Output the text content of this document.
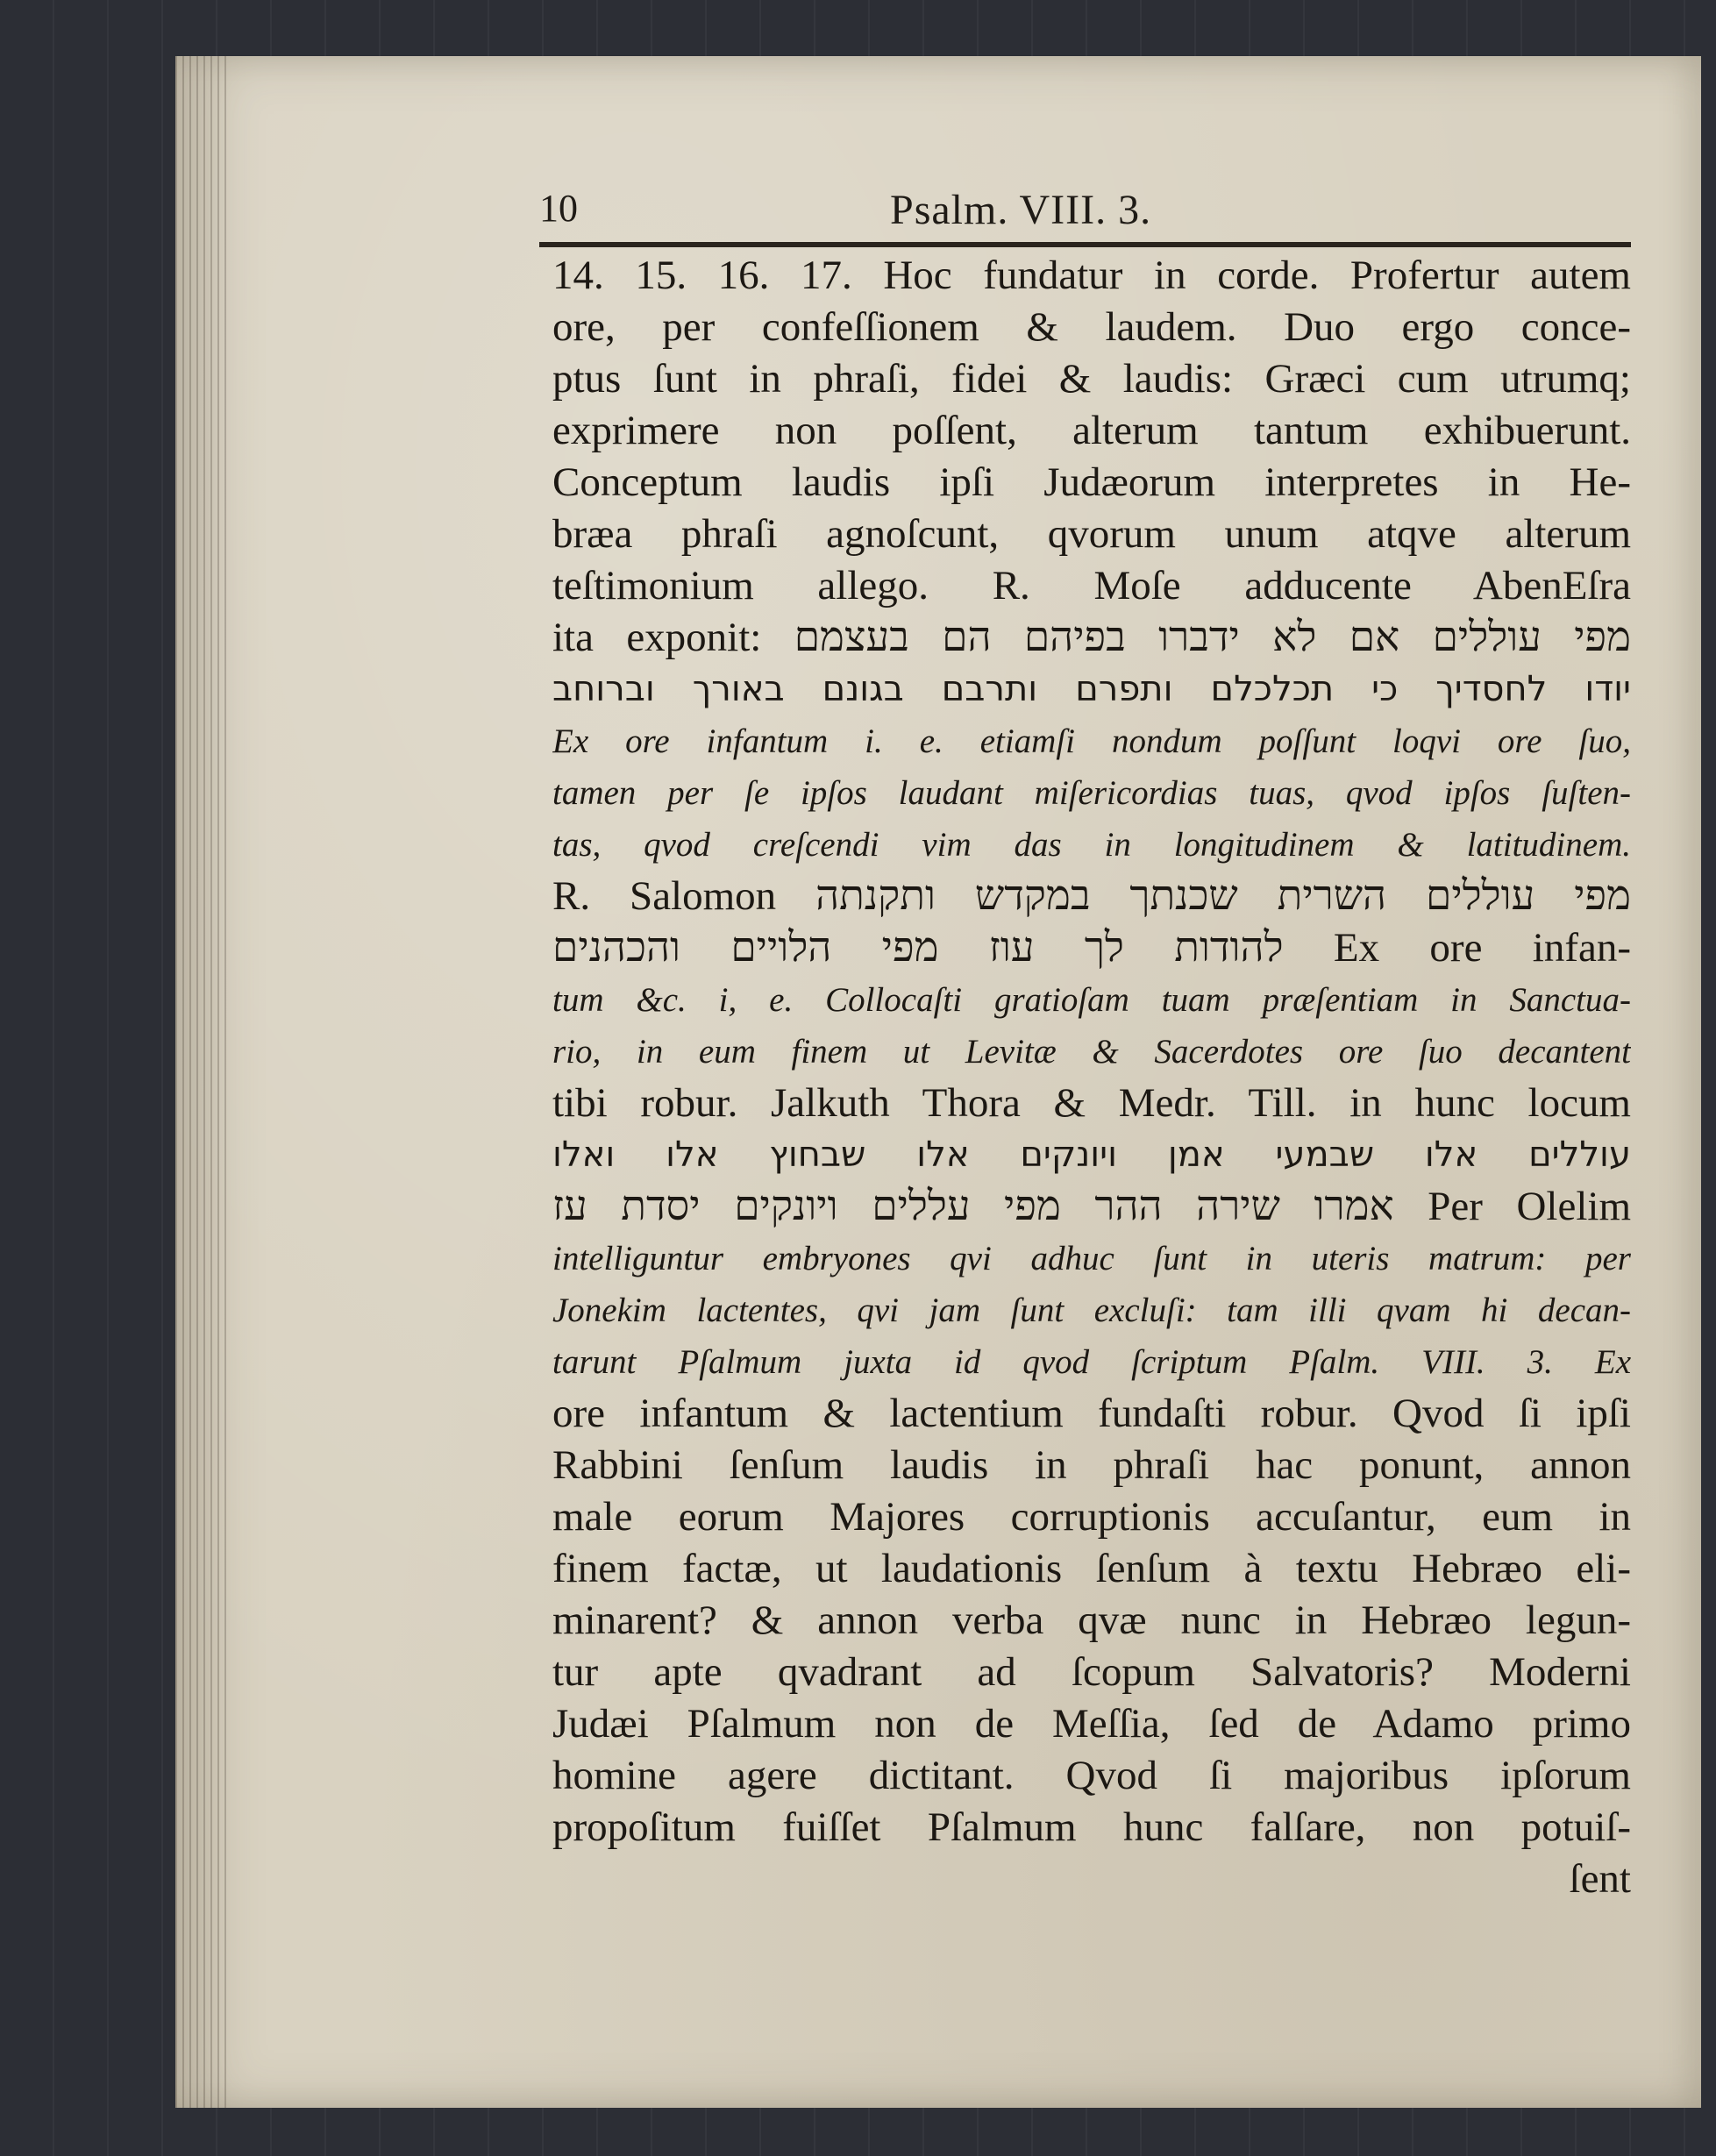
10	Psalm. VIII. 3.
14. 15. 16. 17. Hoc fundatur in corde. Profertur autem
ore, per confeſſionem & laudem. Duo ergo conce-
ptus ſunt in phraſi, fidei & laudis: Græci cum utrumq;
exprimere non poſſent, alterum tantum exhibuerunt.
Conceptum laudis ipſi Judæorum interpretes in He-
bræa phraſi agnoſcunt, qvorum unum atqve alterum
teſtimonium allego. R. Moſe adducente AbenEſra
ita exponit: מפי עוללים אם לא ידברו בפיהם הם בעצמם
יודו לחסדיך כי תכלכלם ותפרם ותרבם בגונם באורך וברוחב
Ex ore infantum i. e. etiamſi nondum poſſunt loqvi ore ſuo,
tamen per ſe ipſos laudant miſericordias tuas, qvod ipſos ſuſten-
tas, qvod creſcendi vim das in longitudinem & latitudinem.
R. Salomon מפי עוללים השרית שכנתך במקדש ותקנתה
להודות לך עוז מפי הלויים והכהנים Ex ore infan-
tum &c. i, e. Collocaſti gratioſam tuam præſentiam in Sanctua-
rio, in eum finem ut Levitæ & Sacerdotes ore ſuo decantent
tibi robur. Jalkuth Thora & Medr. Till. in hunc locum
עוללים אלו שבמעי אמן ויונקים אלו שבחוץ אלו ואלו
אמרו שירה ההר מפי עללים ויונקים יסדת עז Per Olelim
intelliguntur embryones qvi adhuc ſunt in uteris matrum: per
Jonekim lactentes, qvi jam ſunt excluſi: tam illi qvam hi decan-
tarunt Pſalmum juxta id qvod ſcriptum Pſalm. VIII. 3. Ex
ore infantum & lactentium fundaſti robur. Qvod ſi ipſi
Rabbini ſenſum laudis in phraſi hac ponunt, annon
male eorum Majores corruptionis accuſantur, eum in
finem factæ, ut laudationis ſenſum à textu Hebræo eli-
minarent? & annon verba qvæ nunc in Hebræo legun-
tur apte qvadrant ad ſcopum Salvatoris? Moderni
Judæi Pſalmum non de Meſſia, ſed de Adamo primo
homine agere dictitant. Qvod ſi majoribus ipſorum
propoſitum fuiſſet Pſalmum hunc falſare, non potuiſ-
ſent
